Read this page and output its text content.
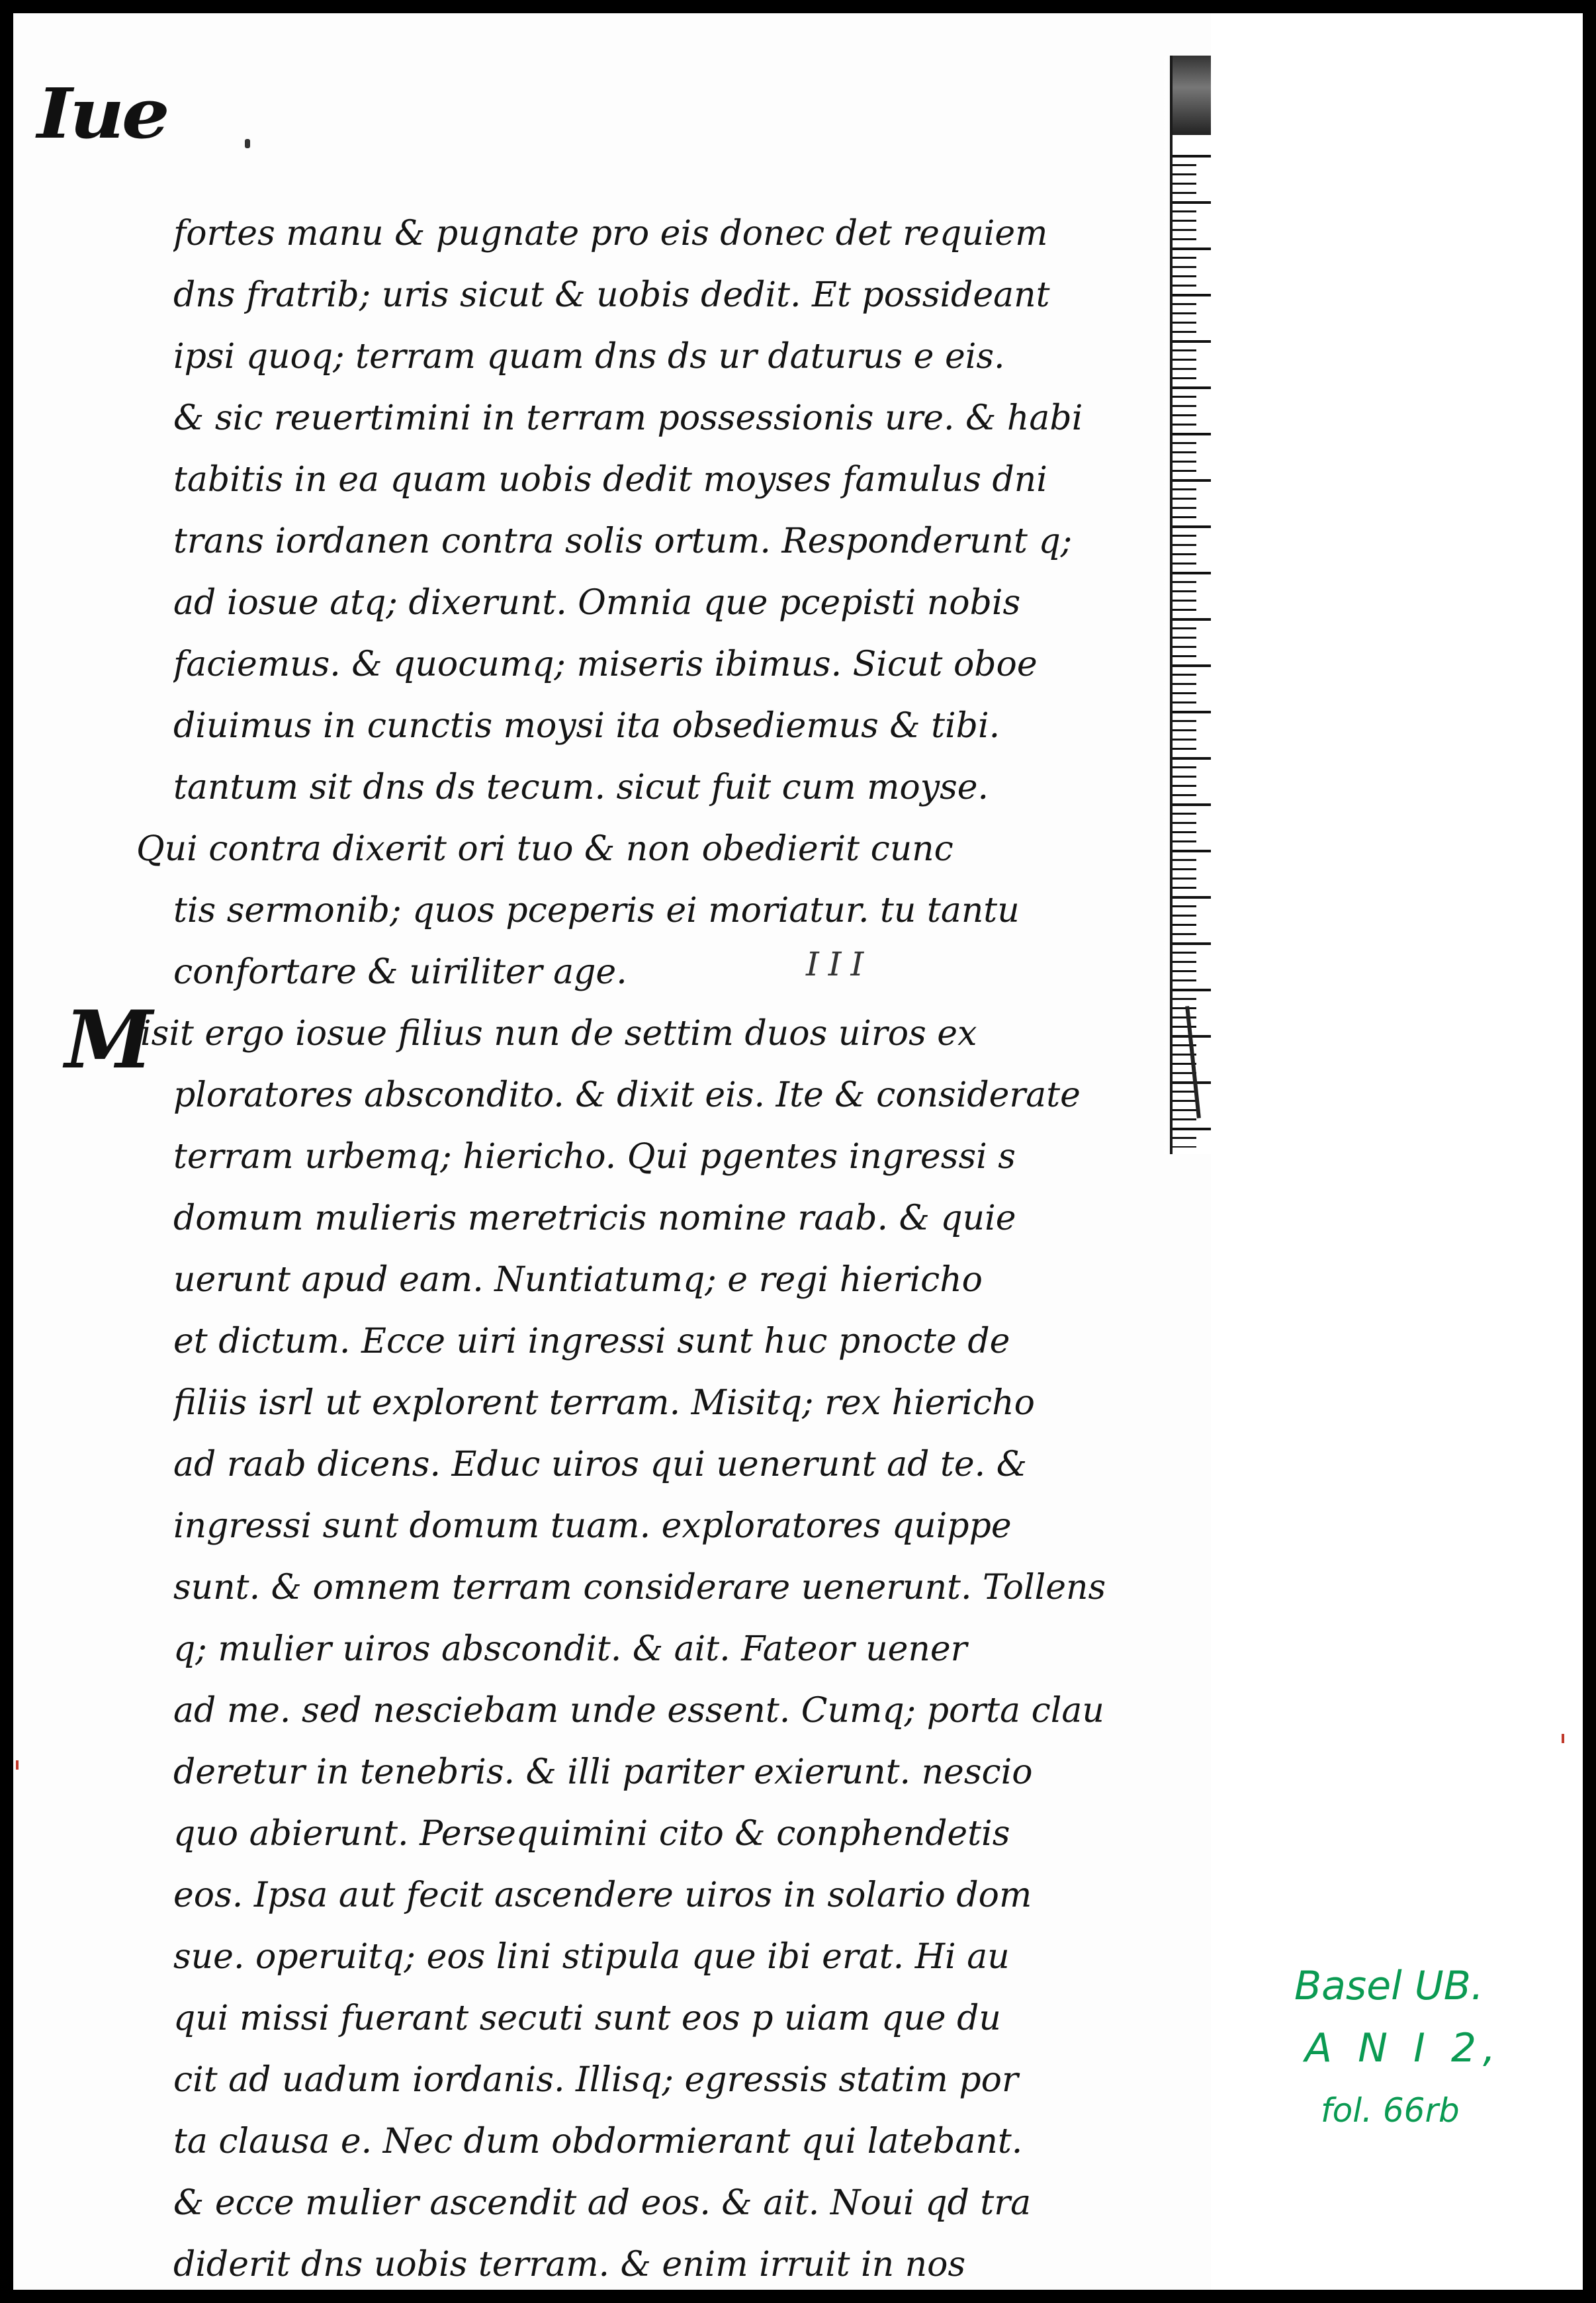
Iue
fortes manu & pugnate pro eis donec det requiem
dns fratrib; uris sicut & uobis dedit. Et possideant
ipsi quoq; terram quam dns ds ur daturus e eis.
& sic reuertimini in terram possessionis ure. & habi
tabitis in ea quam uobis dedit moyses famulus dni
trans iordanen contra solis ortum. Responderunt q;
ad iosue atq; dixerunt. Omnia que pcepisti nobis
faciemus. & quocumq; miseris ibimus. Sicut oboe
diuimus in cunctis moysi ita obsediemus & tibi.
tantum sit dns ds tecum. sicut fuit cum moyse.
Qui contra dixerit ori tuo & non obedierit cunc
tis sermonib; quos pceperis ei moriatur. tu tantu
confortare & uiriliter age.
isit ergo iosue filius nun de settim duos uiros ex
ploratores abscondito. & dixit eis. Ite & considerate
terram urbemq; hiericho. Qui pgentes ingressi s
domum mulieris meretricis nomine raab. & quie
uerunt apud eam. Nuntiatumq; e regi hiericho
et dictum. Ecce uiri ingressi sunt huc pnocte de
filiis isrl ut explorent terram. Misitq; rex hiericho
ad raab dicens. Educ uiros qui uenerunt ad te. &
ingressi sunt domum tuam. exploratores quippe
sunt. & omnem terram considerare uenerunt. Tollens
q; mulier uiros abscondit. & ait. Fateor uener
ad me. sed nesciebam unde essent. Cumq; porta clau
deretur in tenebris. & illi pariter exierunt. nescio
quo abierunt. Persequimini cito & conphendetis
eos. Ipsa aut fecit ascendere uiros in solario dom
sue. operuitq; eos lini stipula que ibi erat. Hi au
qui missi fuerant secuti sunt eos p uiam que du
cit ad uadum iordanis. Illisq; egressis statim por
ta clausa e. Nec dum obdormierant qui latebant.
& ecce mulier ascendit ad eos. & ait. Noui qd tra
diderit dns uobis terram. & enim irruit in nos
M
III
Basel UB.
A N I 2,
fol. 66rb
